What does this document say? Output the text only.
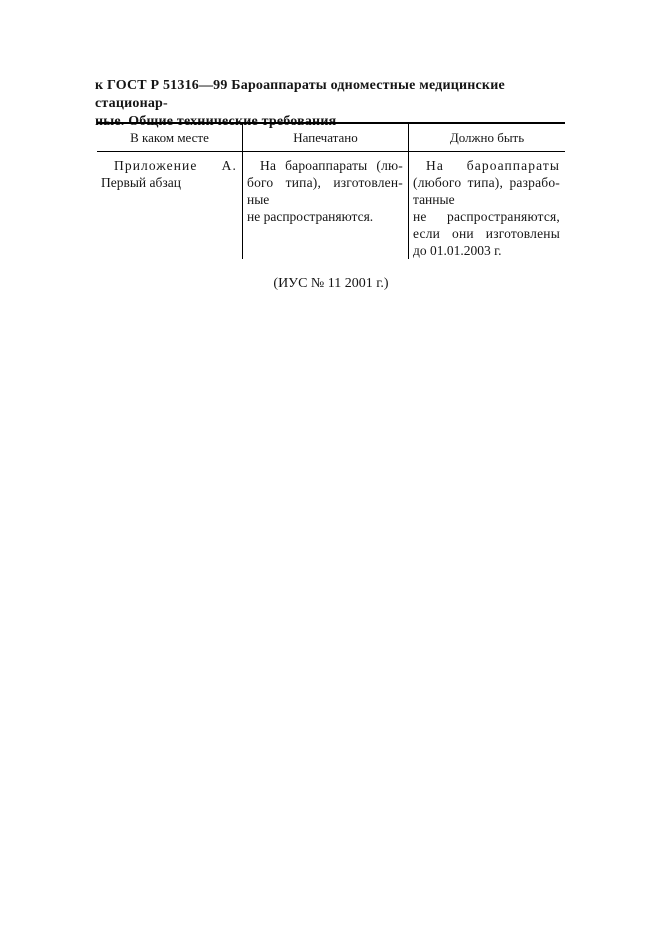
к ГОСТ Р 51316—99 Бароаппараты одноместные медицинские стационар-
ные. Общие технические требования
В каком месте	Напечатано	Должно быть
Приложение А.
Первый абзац
На бароаппараты (лю-
бого типа), изготовлен-
ные
не распространяются.
На бароаппараты
(любого типа), разрабо-
танные
не распространяются,
если они изготовлены
до 01.01.2003 г.
(ИУС № 11 2001 г.)
